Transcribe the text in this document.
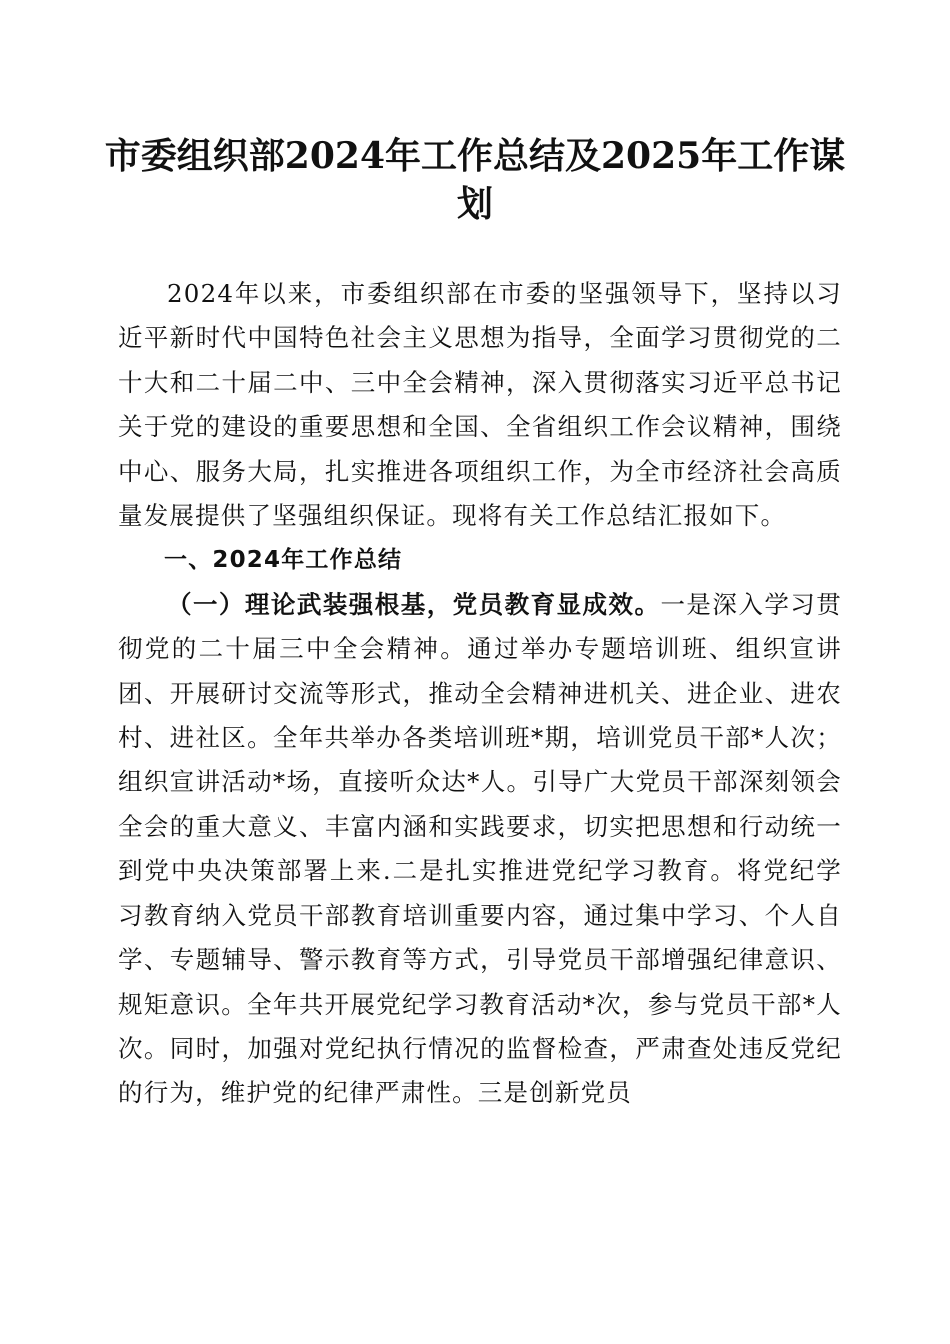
市委组织部2024年工作总结及2025年工作谋划

2024年以来，市委组织部在市委的坚强领导下，坚持以习近平新时代中国特色社会主义思想为指导，全面学习贯彻党的二十大和二十届二中、三中全会精神，深入贯彻落实习近平总书记关于党的建设的重要思想和全国、全省组织工作会议精神，围绕中心、服务大局，扎实推进各项组织工作，为全市经济社会高质量发展提供了坚强组织保证。现将有关工作总结汇报如下。

一、2024年工作总结

（一）理论武装强根基，党员教育显成效。一是深入学习贯彻党的二十届三中全会精神。通过举办专题培训班、组织宣讲团、开展研讨交流等形式，推动全会精神进机关、进企业、进农村、进社区。全年共举办各类培训班*期，培训党员干部*人次；组织宣讲活动*场，直接听众达*人。引导广大党员干部深刻领会全会的重大意义、丰富内涵和实践要求，切实把思想和行动统一到党中央决策部署上来.二是扎实推进党纪学习教育。将党纪学习教育纳入党员干部教育培训重要内容，通过集中学习、个人自学、专题辅导、警示教育等方式，引导党员干部增强纪律意识、规矩意识。全年共开展党纪学习教育活动*次，参与党员干部*人次。同时，加强对党纪执行情况的监督检查，严肃查处违反党纪的行为，维护党的纪律严肃性。三是创新党员
